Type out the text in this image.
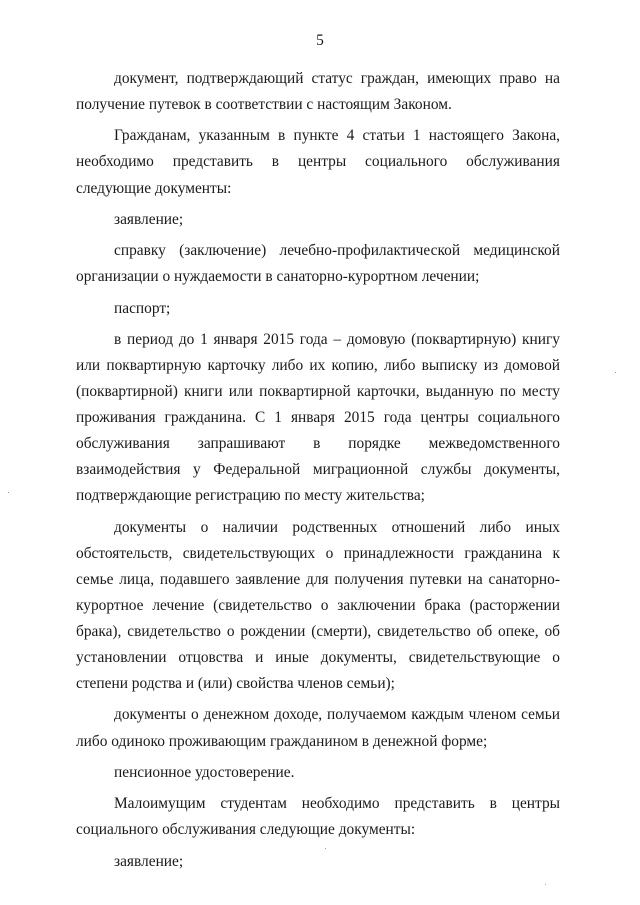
5

документ, подтверждающий статус граждан, имеющих право на получение путевок в соответствии с настоящим Законом.

Гражданам, указанным в пункте 4 статьи 1 настоящего Закона, необходимо представить в центры социального обслуживания следующие документы:

заявление;

справку (заключение) лечебно-профилактической медицинской организации о нуждаемости в санаторно-курортном лечении;

паспорт;

в период до 1 января 2015 года – домовую (поквартирную) книгу или поквартирную карточку либо их копию, либо выписку из домовой (поквартирной) книги или поквартирной карточки, выданную по месту проживания гражданина. С 1 января 2015 года центры социального обслуживания запрашивают в порядке межведомственного взаимодействия у Федеральной миграционной службы документы, подтверждающие регистрацию по месту жительства;

документы о наличии родственных отношений либо иных обстоятельств, свидетельствующих о принадлежности гражданина к семье лица, подавшего заявление для получения путевки на санаторно-курортное лечение (свидетельство о заключении брака (расторжении брака), свидетельство о рождении (смерти), свидетельство об опеке, об установлении отцовства и иные документы, свидетельствующие о степени родства и (или) свойства членов семьи);

документы о денежном доходе, получаемом каждым членом семьи либо одиноко проживающим гражданином в денежной форме;

пенсионное удостоверение.

Малоимущим студентам необходимо представить в центры социального обслуживания следующие документы:

заявление;
